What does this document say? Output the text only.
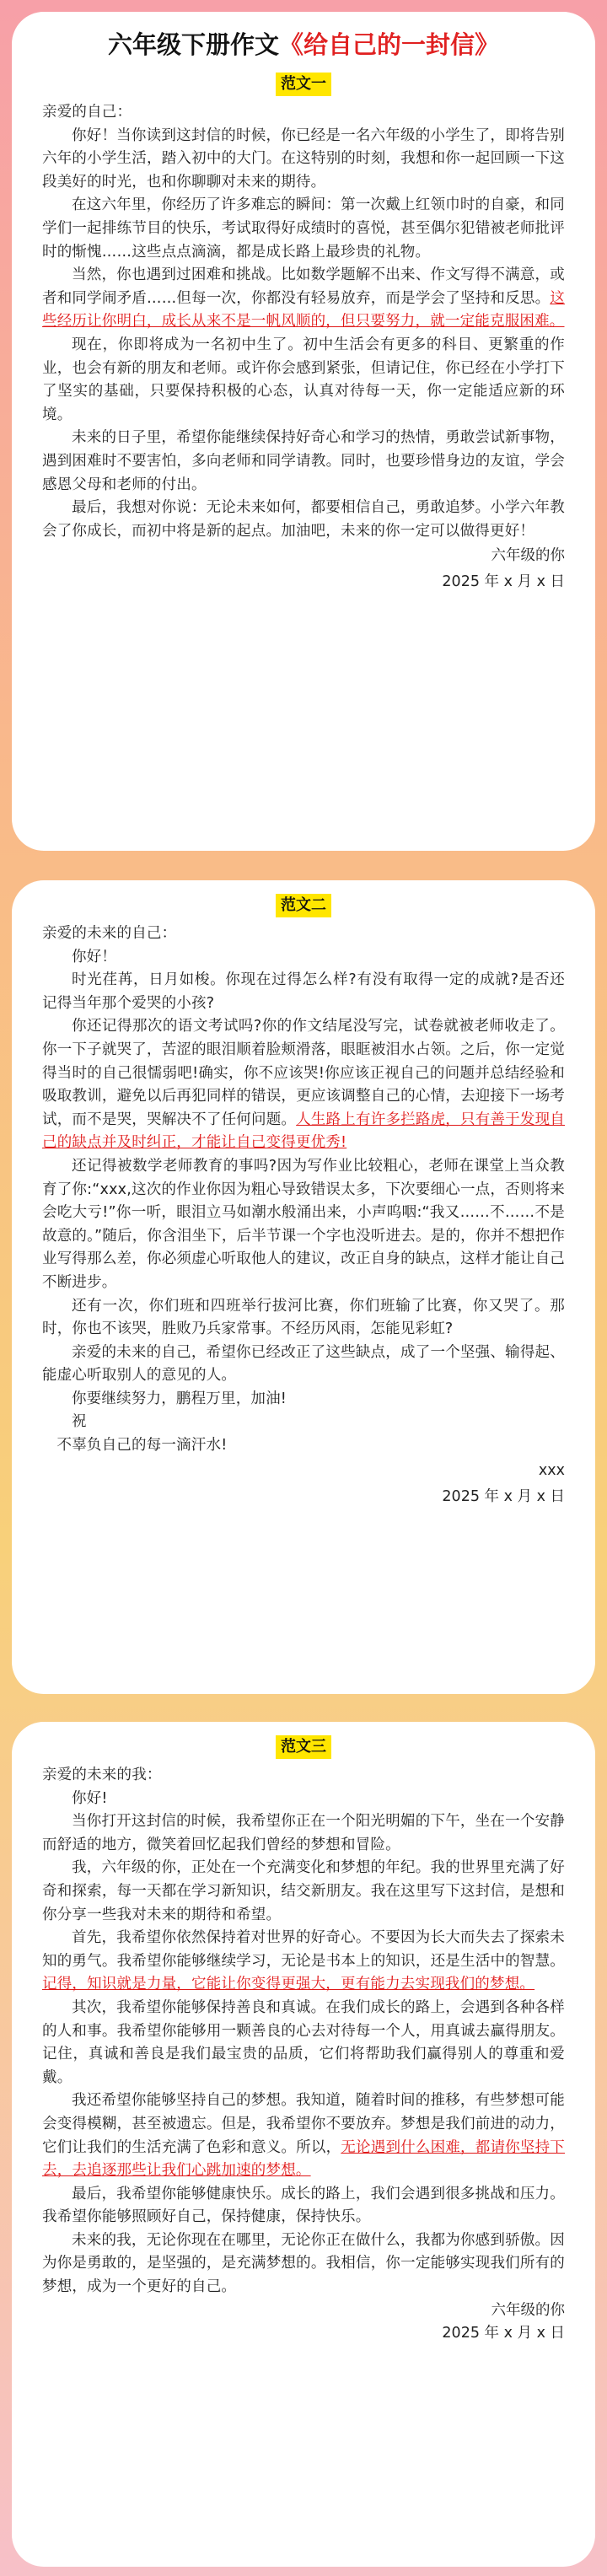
六年级下册作文《给自己的一封信》
范文一

亲爱的自己：

你好！当你读到这封信的时候，你已经是一名六年级的小学生了，即将告别六年的小学生活，踏入初中的大门。在这特别的时刻，我想和你一起回顾一下这段美好的时光，也和你聊聊对未来的期待。

在这六年里，你经历了许多难忘的瞬间：第一次戴上红领巾时的自豪，和同学们一起排练节目的快乐，考试取得好成绩时的喜悦，甚至偶尔犯错被老师批评时的惭愧……这些点点滴滴，都是成长路上最珍贵的礼物。

当然，你也遇到过困难和挑战。比如数学题解不出来、作文写得不满意，或者和同学闹矛盾……但每一次，你都没有轻易放弃，而是学会了坚持和反思。这些经历让你明白，成长从来不是一帆风顺的，但只要努力，就一定能克服困难。

现在，你即将成为一名初中生了。初中生活会有更多的科目、更繁重的作业，也会有新的朋友和老师。或许你会感到紧张，但请记住，你已经在小学打下了坚实的基础，只要保持积极的心态，认真对待每一天，你一定能适应新的环境。

未来的日子里，希望你能继续保持好奇心和学习的热情，勇敢尝试新事物，遇到困难时不要害怕，多向老师和同学请教。同时，也要珍惜身边的友谊，学会感恩父母和老师的付出。

最后，我想对你说：无论未来如何，都要相信自己，勇敢追梦。小学六年教会了你成长，而初中将是新的起点。加油吧，未来的你一定可以做得更好！

六年级的你
2025 年 x 月 x 日
范文二

亲爱的未来的自己：

你好！

时光荏苒，日月如梭。你现在过得怎么样?有没有取得一定的成就?是否还记得当年那个爱哭的小孩?

你还记得那次的语文考试吗?你的作文结尾没写完，试卷就被老师收走了。你一下子就哭了，苦涩的眼泪顺着脸颊滑落，眼眶被泪水占领。之后，你一定觉得当时的自己很懦弱吧!确实，你不应该哭!你应该正视自己的问题并总结经验和吸取教训，避免以后再犯同样的错误，更应该调整自己的心情，去迎接下一场考试，而不是哭，哭解决不了任何问题。人生路上有许多拦路虎，只有善于发现自己的缺点并及时纠正，才能让自己变得更优秀!

还记得被数学老师教育的事吗?因为写作业比较粗心，老师在课堂上当众教育了你:“xxx,这次的作业你因为粗心导致错误太多，下次要细心一点，否则将来会吃大亏!”你一听，眼泪立马如潮水般涌出来，小声呜咽:“我又……不……不是故意的。”随后，你含泪坐下，后半节课一个字也没听进去。是的，你并不想把作业写得那么差，你必须虚心听取他人的建议，改正自身的缺点，这样才能让自己不断进步。

还有一次，你们班和四班举行拔河比赛，你们班输了比赛，你又哭了。那时，你也不该哭，胜败乃兵家常事。不经历风雨，怎能见彩虹?

亲爱的未来的自己，希望你已经改正了这些缺点，成了一个坚强、输得起、能虚心听取别人的意见的人。

你要继续努力，鹏程万里，加油!

祝

不辜负自己的每一滴汗水!

xxx
2025 年 x 月 x 日
范文三

亲爱的未来的我：

你好!

当你打开这封信的时候，我希望你正在一个阳光明媚的下午，坐在一个安静而舒适的地方，微笑着回忆起我们曾经的梦想和冒险。

我，六年级的你，正处在一个充满变化和梦想的年纪。我的世界里充满了好奇和探索，每一天都在学习新知识，结交新朋友。我在这里写下这封信，是想和你分享一些我对未来的期待和希望。

首先，我希望你依然保持着对世界的好奇心。不要因为长大而失去了探索未知的勇气。我希望你能够继续学习，无论是书本上的知识，还是生活中的智慧。记得，知识就是力量，它能让你变得更强大，更有能力去实现我们的梦想。

其次，我希望你能够保持善良和真诚。在我们成长的路上，会遇到各种各样的人和事。我希望你能够用一颗善良的心去对待每一个人，用真诚去赢得朋友。记住，真诚和善良是我们最宝贵的品质，它们将帮助我们赢得别人的尊重和爱戴。

我还希望你能够坚持自己的梦想。我知道，随着时间的推移，有些梦想可能会变得模糊，甚至被遗忘。但是，我希望你不要放弃。梦想是我们前进的动力，它们让我们的生活充满了色彩和意义。所以，无论遇到什么困难，都请你坚持下去，去追逐那些让我们心跳加速的梦想。

最后，我希望你能够健康快乐。成长的路上，我们会遇到很多挑战和压力。我希望你能够照顾好自己，保持健康，保持快乐。

未来的我，无论你现在在哪里，无论你正在做什么，我都为你感到骄傲。因为你是勇敢的，是坚强的，是充满梦想的。我相信，你一定能够实现我们所有的梦想，成为一个更好的自己。

六年级的你
2025 年 x 月 x 日
